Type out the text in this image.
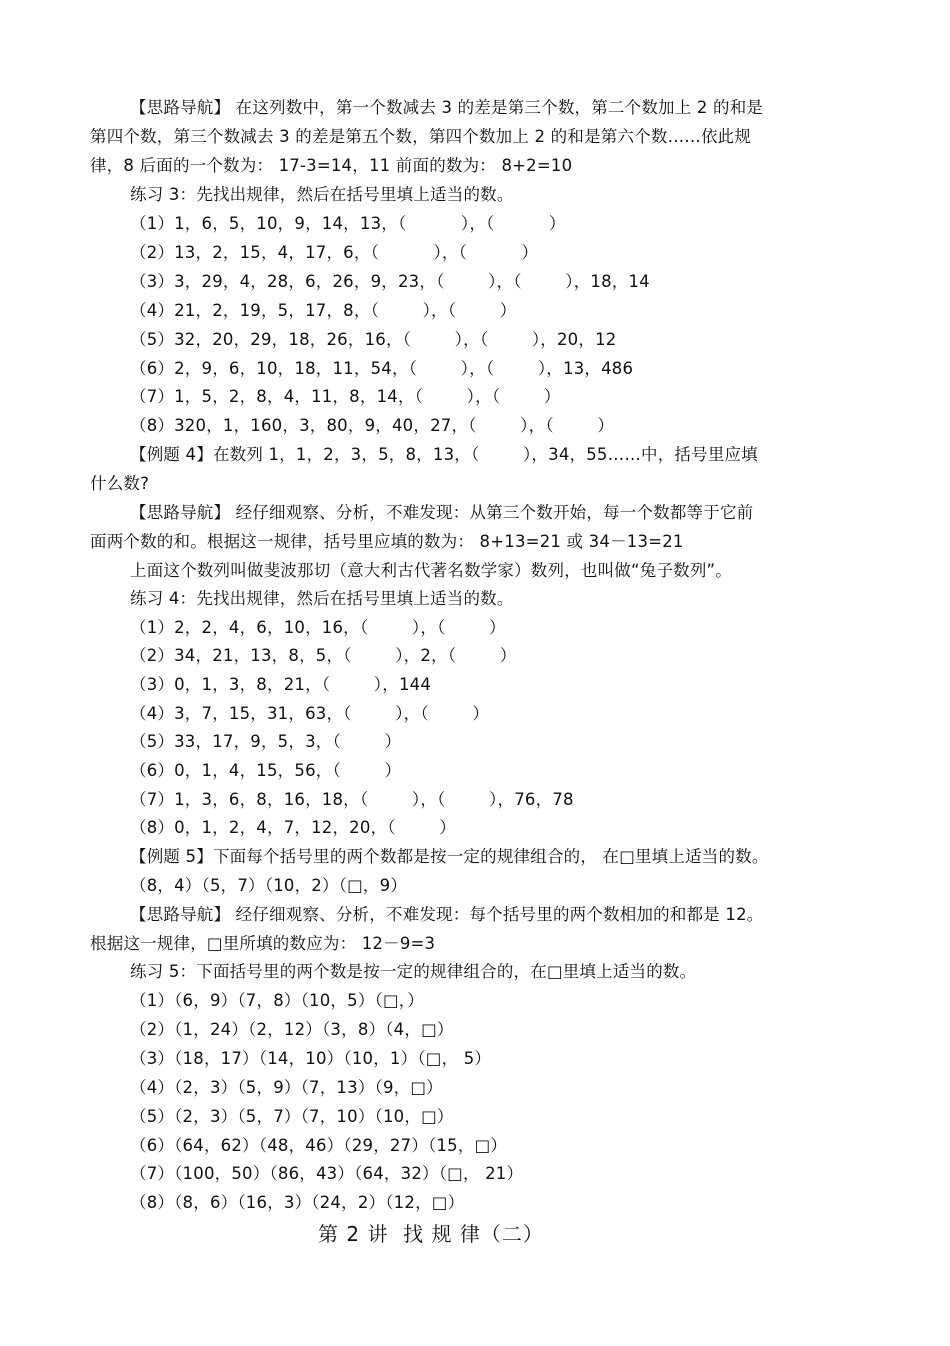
【思路导航】 在这列数中，第一个数减去 3 的差是第三个数，第二个数加上 2 的和是

第四个数，第三个数减去 3 的差是第五个数，第四个数加上 2 的和是第六个数……依此规

律，8 后面的一个数为： 17-3=14，11 前面的数为： 8+2=10

练习 3：先找出规律，然后在括号里填上适当的数。

（1）1，6，5，10，9，14，13，（          ），（          ）

（2）13，2，15，4，17，6，（          ），（          ）

（3）3，29，4，28，6，26，9，23，（        ），（        ），18，14

（4）21，2，19，5，17，8，（        ），（        ）

（5）32，20，29，18，26，16，（        ），（        ），20，12

（6）2，9，6，10，18，11，54，（        ），（        ），13，486

（7）1，5，2，8，4，11，8，14，（        ），（        ）

（8）320，1，160，3，80，9，40，27，（        ），（        ）

【例题 4】在数列 1，1，2，3，5，8，13，（        ），34，55……中，括号里应填

什么数?

【思路导航】 经仔细观察、分析，不难发现：从第三个数开始，每一个数都等于它前

面两个数的和。根据这一规律，括号里应填的数为： 8+13=21 或 34－13=21

上面这个数列叫做斐波那切（意大利古代著名数学家）数列，也叫做“兔子数列”。

练习 4：先找出规律，然后在括号里填上适当的数。

（1）2，2，4，6，10，16，（        ），（        ）

（2）34，21，13，8，5，（        ），2，（        ）

（3）0，1，3，8，21，（        ），144

（4）3，7，15，31，63，（        ），（        ）

（5）33，17，9，5，3，（        ）

（6）0，1，4，15，56，（        ）

（7）1，3，6，8，16，18，（        ），（        ），76，78

（8）0，1，2，4，7，12，20，（        ）

【例题 5】下面每个括号里的两个数都是按一定的规律组合的， 在□里填上适当的数。

（8，4）（5，7）（10，2）（□，9）

【思路导航】 经仔细观察、分析，不难发现：每个括号里的两个数相加的和都是 12。

根据这一规律，□里所填的数应为： 12－9=3

练习 5：下面括号里的两个数是按一定的规律组合的，在□里填上适当的数。

（1）（6，9）（7，8）（10，5）（□，）

（2）（1，24）（2，12）（3，8）（4，□）

（3）（18，17）（14，10）（10，1）（□， 5）

（4）（2，3）（5，9）（7，13）（9，□）

（5）（2，3）（5，7）（7，10）（10，□）

（6）（64，62）（48，46）（29，27）（15，□）

（7）（100，50）（86，43）（64，32）（□， 21）

（8）（8，6）（16，3）（24，2）（12，□）

第 2 讲  找 规 律（二）
